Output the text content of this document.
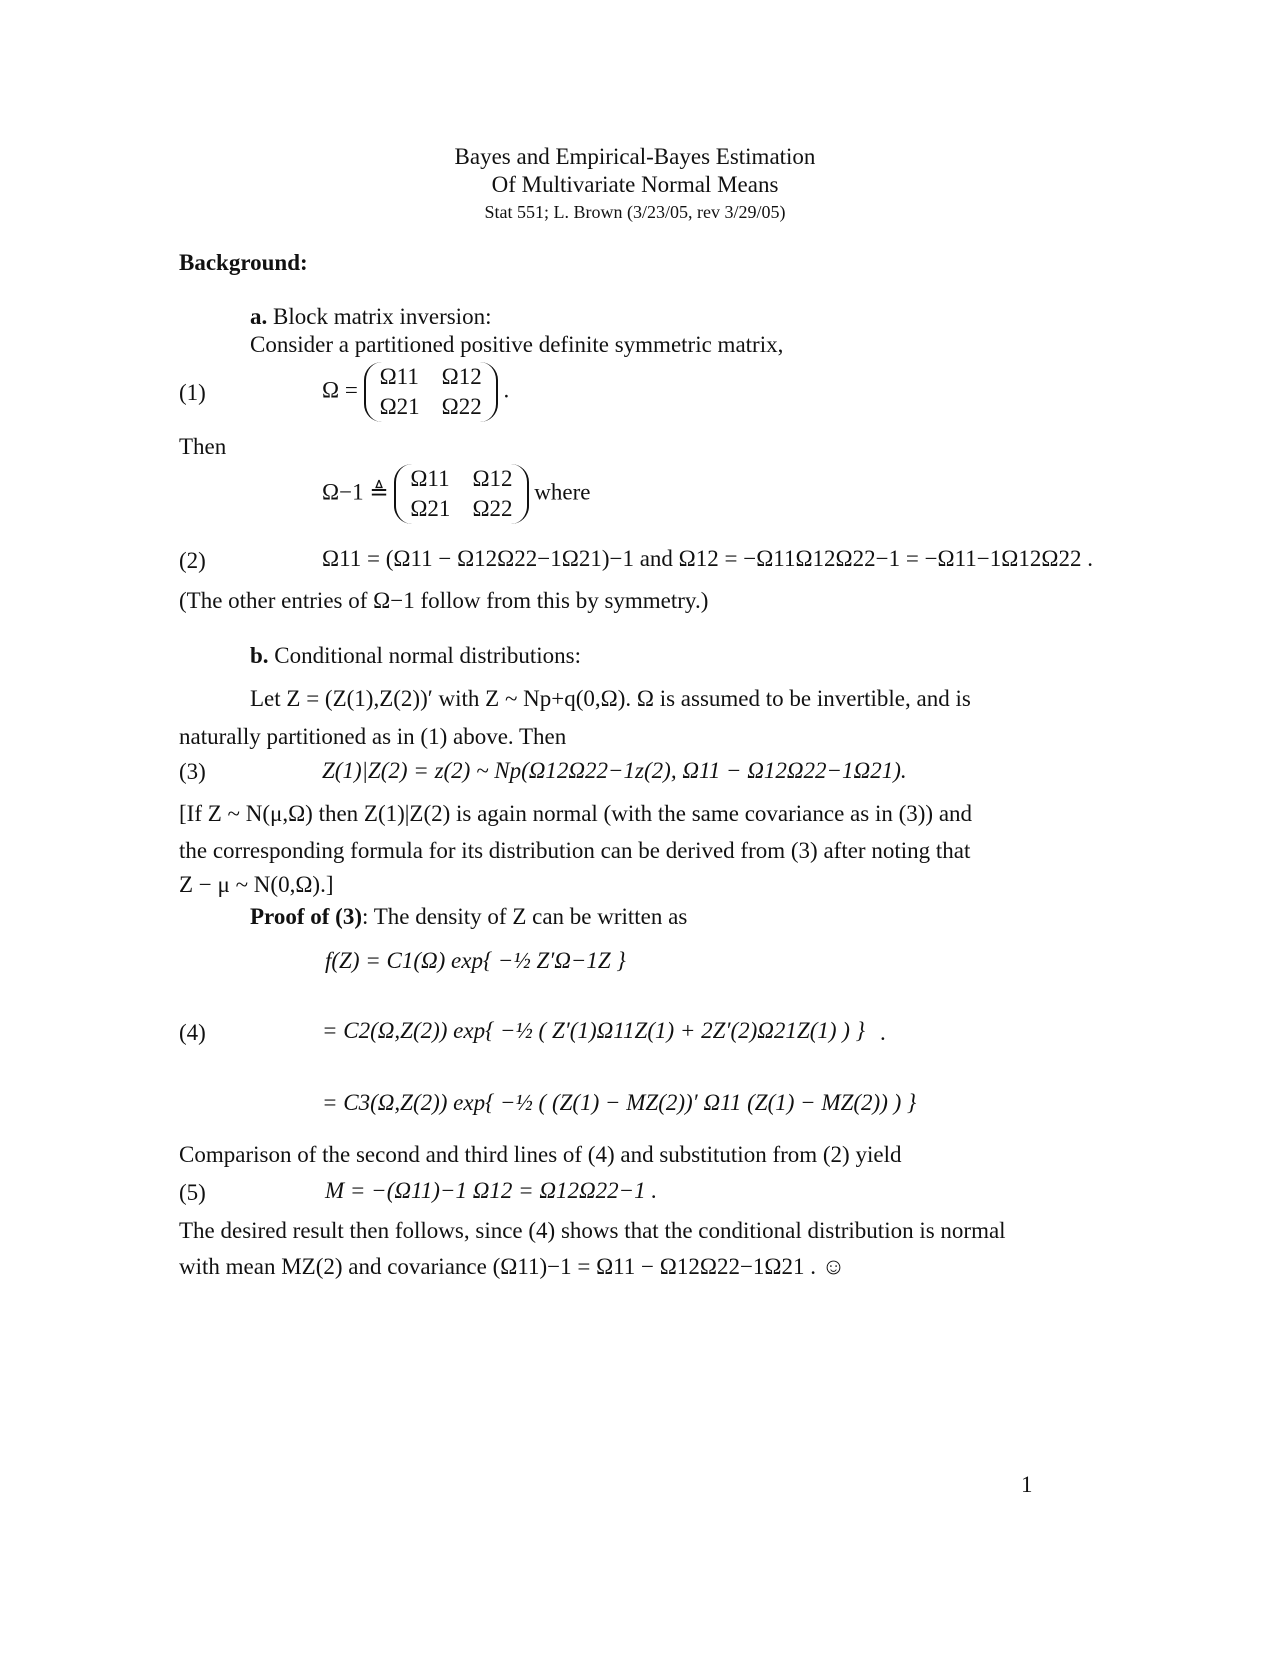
Bayes and Empirical-Bayes Estimation
Of Multivariate Normal Means
Stat 551; L. Brown (3/23/05, rev 3/29/05)
Background:
a. Block matrix inversion:
Consider a partitioned positive definite symmetric matrix,
(1)	Ω =
Ω11 Ω12
Ω21 Ω22
.
Then
Ω−1 ≜
Ω11 Ω12
Ω21 Ω22
where
(2)	Ω11 = (Ω11 − Ω12Ω22−1Ω21)−1 and Ω12 = −Ω11Ω12Ω22−1 = −Ω11−1Ω12Ω22 .
(The other entries of Ω−1 follow from this by symmetry.)
b. Conditional normal distributions:
Let Z = (Z(1),Z(2))′ with Z ~ Np+q(0,Ω). Ω is assumed to be invertible, and is
naturally partitioned as in (1) above. Then
(3)	Z(1)|Z(2) = z(2) ~ Np(Ω12Ω22−1z(2), Ω11 − Ω12Ω22−1Ω21).
[If Z ~ N(μ,Ω) then Z(1)|Z(2) is again normal (with the same covariance as in (3)) and
the corresponding formula for its distribution can be derived from (3) after noting that
Z − μ ~ N(0,Ω).]
Proof of (3): The density of Z can be written as
f(Z) = C1(Ω) exp{ −½ Z′Ω−1Z }
(4)	= C2(Ω,Z(2)) exp{ −½ ( Z′(1)Ω11Z(1) + 2Z′(2)Ω21Z(1) ) } .
= C3(Ω,Z(2)) exp{ −½ ( (Z(1) − MZ(2))′ Ω11 (Z(1) − MZ(2)) ) }
Comparison of the second and third lines of (4) and substitution from (2) yield
(5)	M = −(Ω11)−1 Ω12 = Ω12Ω22−1 .
The desired result then follows, since (4) shows that the conditional distribution is normal
with mean MZ(2) and covariance (Ω11)−1 = Ω11 − Ω12Ω22−1Ω21 . ☺
1
